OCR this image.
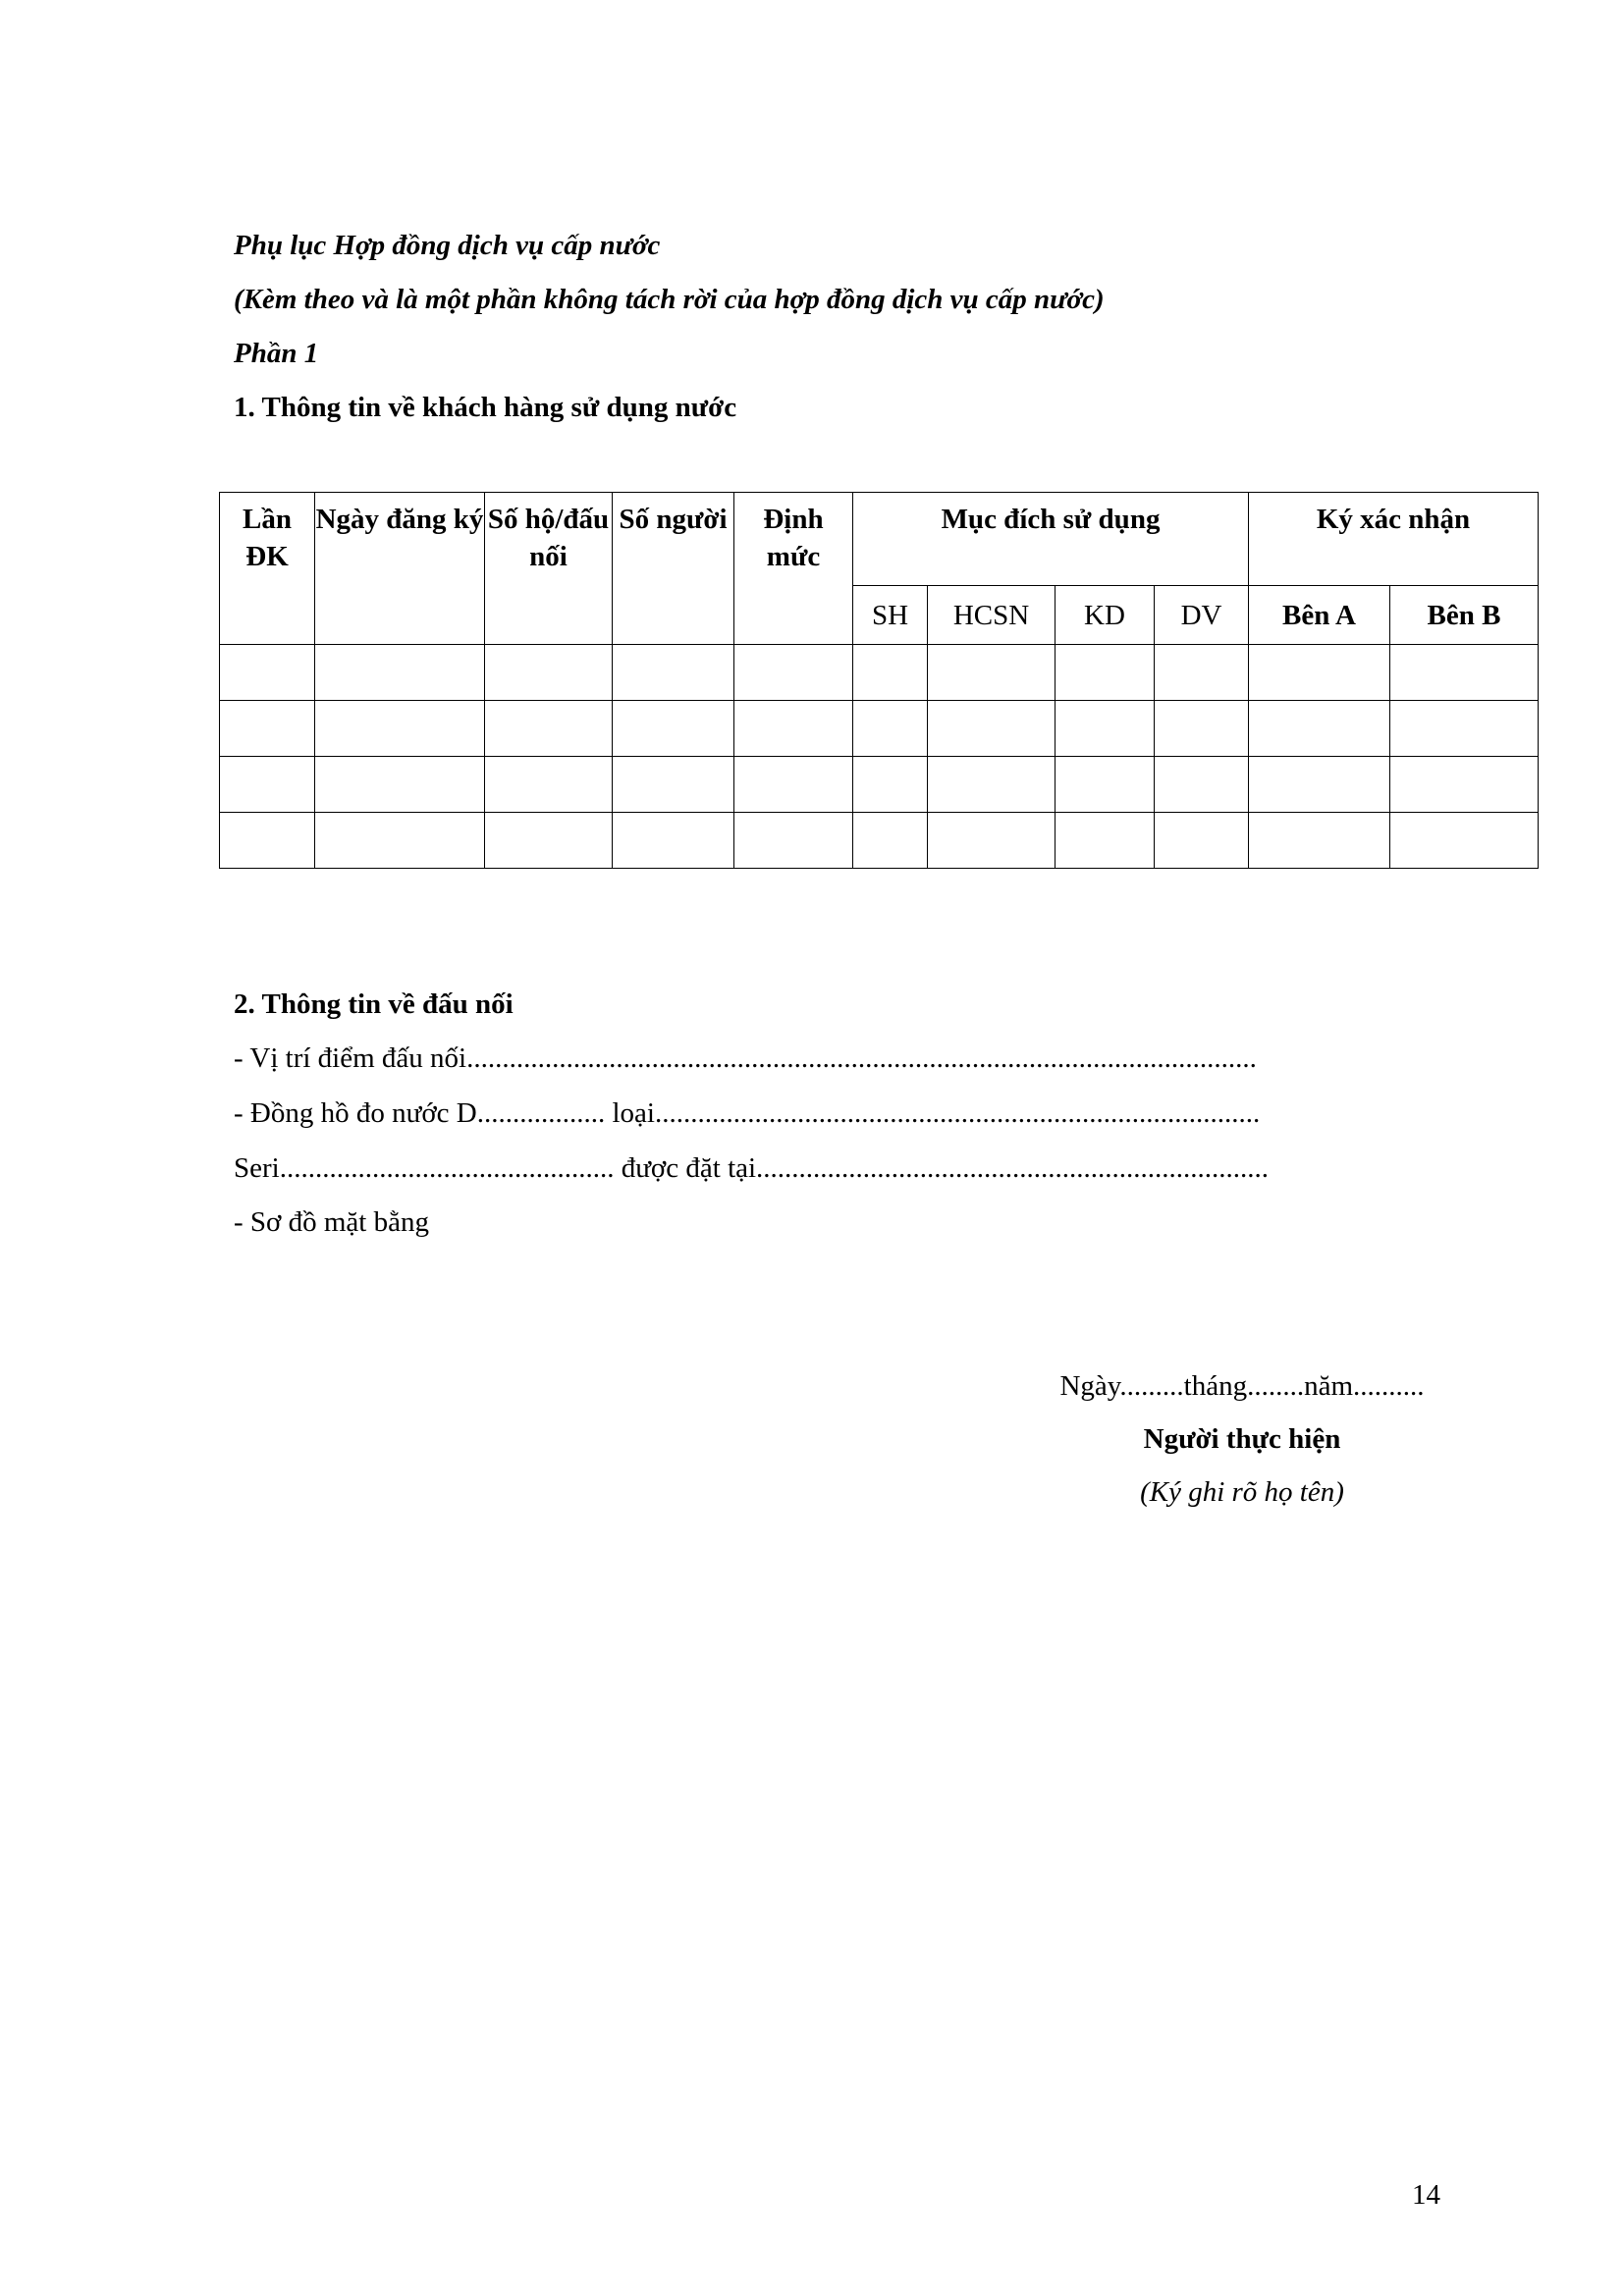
Phụ lục Hợp đồng dịch vụ cấp nước
(Kèm theo và là một phần không tách rời của hợp đồng dịch vụ cấp nước)
Phần 1
1. Thông tin về khách hàng sử dụng nước
Lần ĐK	Ngày đăng ký	Số hộ/đấu nối	Số người	Định mức	Mục đích sử dụng				Ký xác nhận	
					SH	HCSN	KD	DV	Bên A	Bên B

2. Thông tin về đấu nối
- Vị trí điểm đấu nối...............................................................................................................
- Đồng hồ đo nước D.................. loại.....................................................................................
Seri............................................... được đặt tại........................................................................
- Sơ đồ mặt bằng
Ngày.........tháng........năm..........
Người thực hiện
(Ký ghi rõ họ tên)
14
